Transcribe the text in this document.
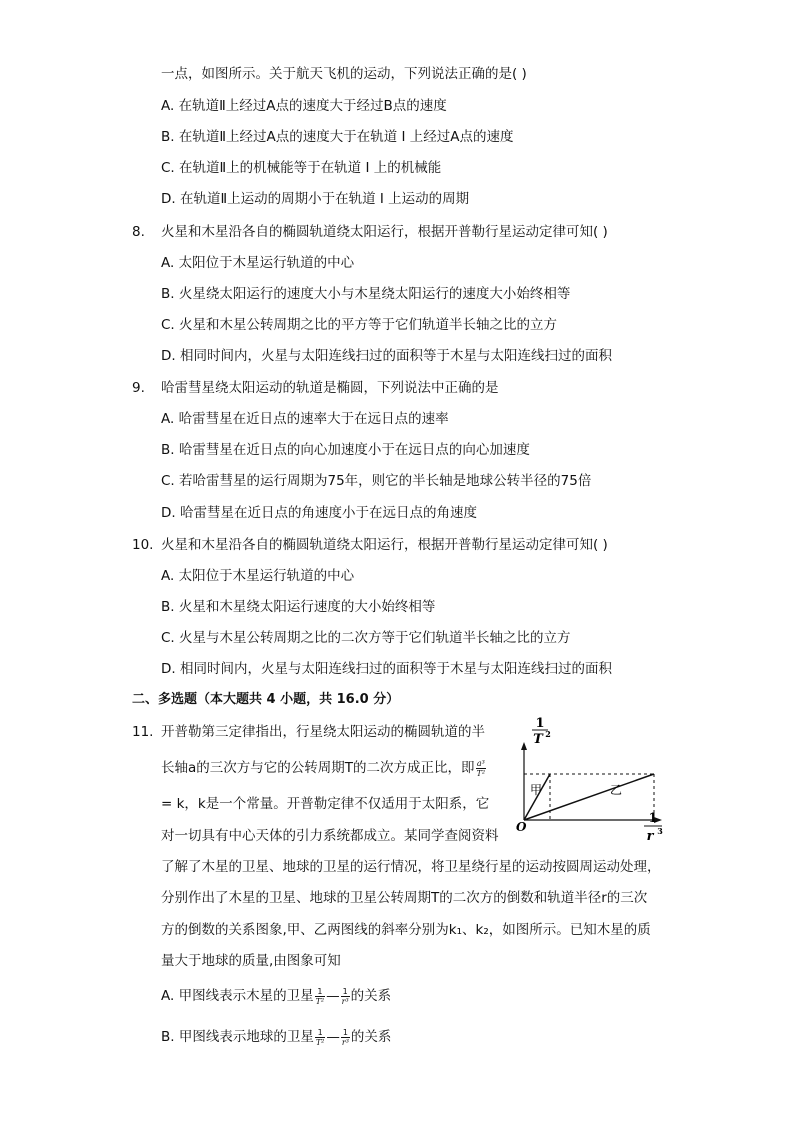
一点，如图所示。关于航天飞机的运动，下列说法正确的是( )
A. 在轨道Ⅱ上经过A点的速度大于经过B点的速度
B. 在轨道Ⅱ上经过A点的速度大于在轨道 I 上经过A点的速度
C. 在轨道Ⅱ上的机械能等于在轨道 I 上的机械能
D. 在轨道Ⅱ上运动的周期小于在轨道 I 上运动的周期
8. 火星和木星沿各自的椭圆轨道绕太阳运行，根据开普勒行星运动定律可知( )
A. 太阳位于木星运行轨道的中心
B. 火星绕太阳运行的速度大小与木星绕太阳运行的速度大小始终相等
C. 火星和木星公转周期之比的平方等于它们轨道半长轴之比的立方
D. 相同时间内，火星与太阳连线扫过的面积等于木星与太阳连线扫过的面积
9. 哈雷彗星绕太阳运动的轨道是椭圆，下列说法中正确的是
A. 哈雷彗星在近日点的速率大于在远日点的速率
B. 哈雷彗星在近日点的向心加速度小于在远日点的向心加速度
C. 若哈雷彗星的运行周期为75年，则它的半长轴是地球公转半径的75倍
D. 哈雷彗星在近日点的角速度小于在远日点的角速度
10. 火星和木星沿各自的椭圆轨道绕太阳运行，根据开普勒行星运动定律可知( )
A. 太阳位于木星运行轨道的中心
B. 火星和木星绕太阳运行速度的大小始终相等
C. 火星与木星公转周期之比的二次方等于它们轨道半长轴之比的立方
D. 相同时间内，火星与太阳连线扫过的面积等于木星与太阳连线扫过的面积
二、多选题（本大题共 4 小题，共 16.0 分）
11. 开普勒第三定律指出，行星绕太阳运动的椭圆轨道的半
长轴a的三次方与它的公转周期T的二次方成正比，即 $\frac{\text{a³}}{\text{T²}}$
= k，k是一个常量。开普勒定律不仅适用于太阳系，它
对一切具有中心天体的引力系统都成立。某同学查阅资料
了解了木星的卫星、地球的卫星的运行情况，将卫星绕行星的运动按圆周运动处理，
分别作出了木星的卫星、地球的卫星公转周期T的二次方的倒数和轨道半径r的三次
方的倒数的关系图象,甲、乙两图线的斜率分别为k₁、k₂，如图所示。已知木星的质
量大于地球的质量,由图象可知
A. 甲图线表示木星的卫星 $\frac{1}{\text{T²}}$ — $\frac{1}{\text{r³}}$ 的关系
B. 甲图线表示地球的卫星 $\frac{1}{\text{T²}}$ — $\frac{1}{\text{r³}}$ 的关系
1
T 2
1
r 3
O
甲	乙
